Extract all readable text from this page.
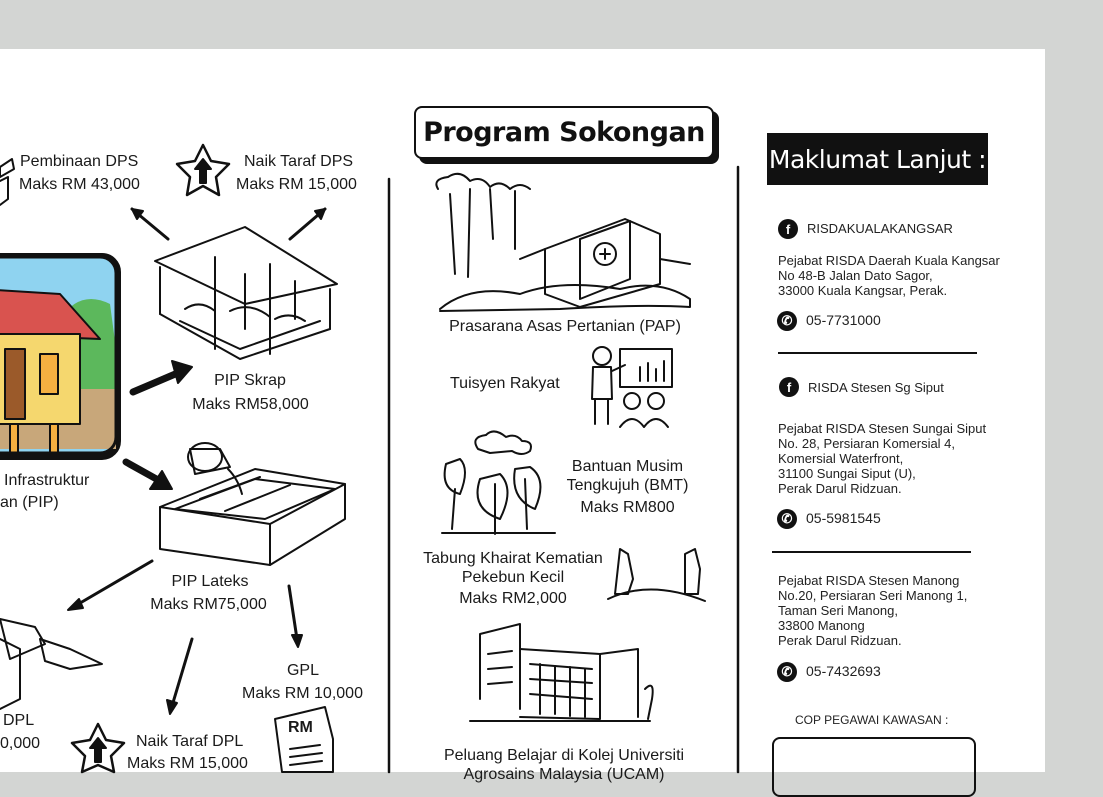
Pembinaan DPS
Maks RM 43,000
Naik Taraf DPS
Maks RM 15,000
PIP Skrap
Maks RM58,000
Infrastruktur
an (PIP)
PIP Lateks
Maks RM75,000
GPL
Maks RM 10,000
DPL
0,000	Naik Taraf DPL
Maks RM 15,000
RM
Program Sokongan
Prasarana Asas Pertanian (PAP)
Tuisyen Rakyat
Bantuan Musim
Tengkujuh (BMT)
Maks RM800
Tabung Khairat Kematian
Pekebun Kecil
Maks RM2,000
Peluang Belajar di Kolej Universiti
Agrosains Malaysia (UCAM)
Maklumat Lanjut :
f	RISDAKUALAKANGSAR
Pejabat RISDA Daerah Kuala Kangsar
No 48-B Jalan Dato Sagor,
33000 Kuala Kangsar, Perak.
✆ 05-7731000
f	RISDA Stesen Sg Siput
Pejabat RISDA Stesen Sungai Siput
No. 28, Persiaran Komersial 4,
Komersial Waterfront,
31100 Sungai Siput (U),
Perak Darul Ridzuan.
✆ 05-5981545
Pejabat RISDA Stesen Manong
No.20, Persiaran Seri Manong 1,
Taman Seri Manong,
33800 Manong
Perak Darul Ridzuan.
✆ 05-7432693
COP PEGAWAI KAWASAN :
